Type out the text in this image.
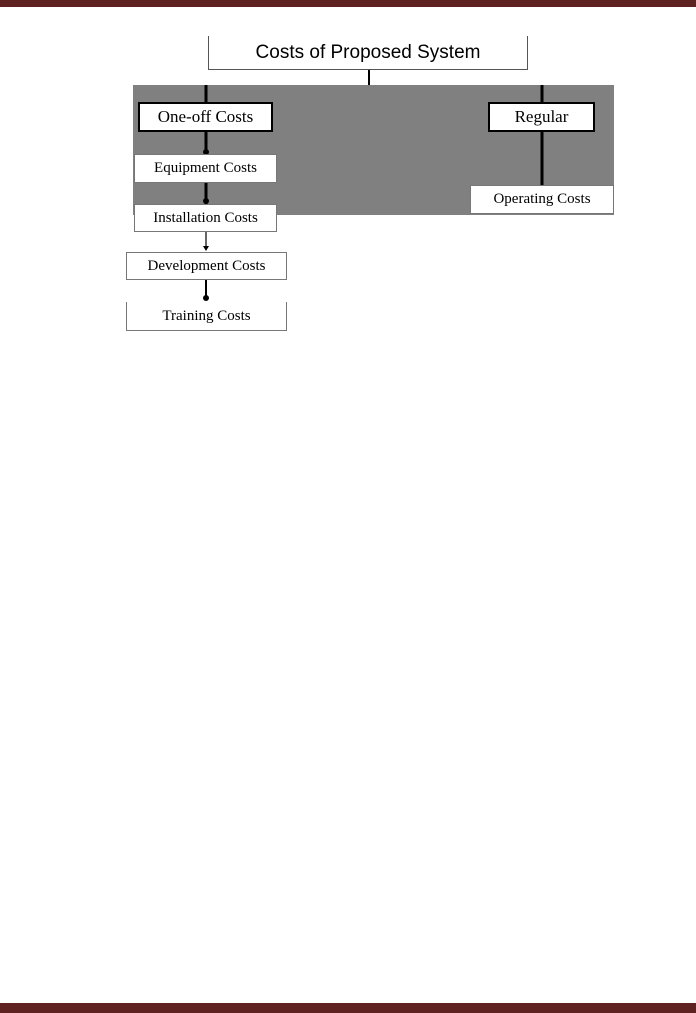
Costs of Proposed System
One-off Costs	Regular
Equipment Costs
Installation Costs
Development Costs
Training Costs
Operating Costs
